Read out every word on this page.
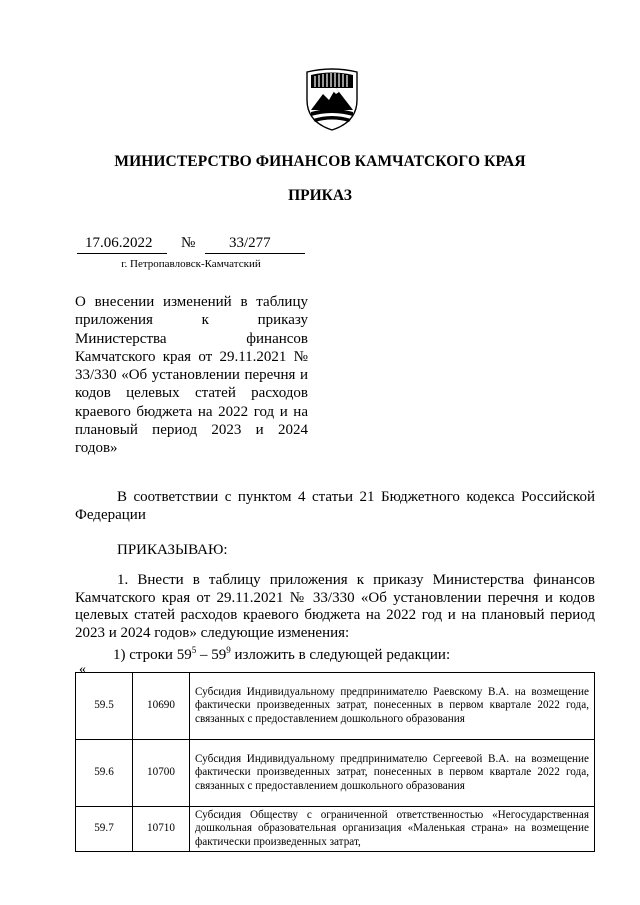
МИНИСТЕРСТВО ФИНАНСОВ КАМЧАТСКОГО КРАЯ
ПРИКАЗ
17.06.2022 № 33/277
г. Петропавловск-Камчатский
О внесении изменений в таблицу приложения к приказу Министерства финансов Камчатского края от 29.11.2021 № 33/330 «Об установлении перечня и кодов целевых статей расходов краевого бюджета на 2022 год и на плановый период 2023 и 2024 годов»
В соответствии с пунктом 4 статьи 21 Бюджетного кодекса Российской Федерации
ПРИКАЗЫВАЮ:
1. Внести в таблицу приложения к приказу Министерства финансов Камчатского края от 29.11.2021 № 33/330 «Об установлении перечня и кодов целевых статей расходов краевого бюджета на 2022 год и на плановый период 2023 и 2024 годов» следующие изменения:
1) строки $59^5 - 59^9$ изложить в следующей редакции:
«
59.5	10690	Субсидия Индивидуальному предпринимателю Раевскому В.А. на возмещение фактически произведенных затрат, понесенных в первом квартале 2022 года, связанных с предоставлением дошкольного образования
59.6	10700	Субсидия Индивидуальному предпринимателю Сергеевой В.А. на возмещение фактически произведенных затрат, понесенных в первом квартале 2022 года, связанных с предоставлением дошкольного образования
59.7	10710	Субсидия Обществу с ограниченной ответственностью «Негосударственная дошкольная образовательная организация «Маленькая страна» на возмещение фактически произведенных затрат,
